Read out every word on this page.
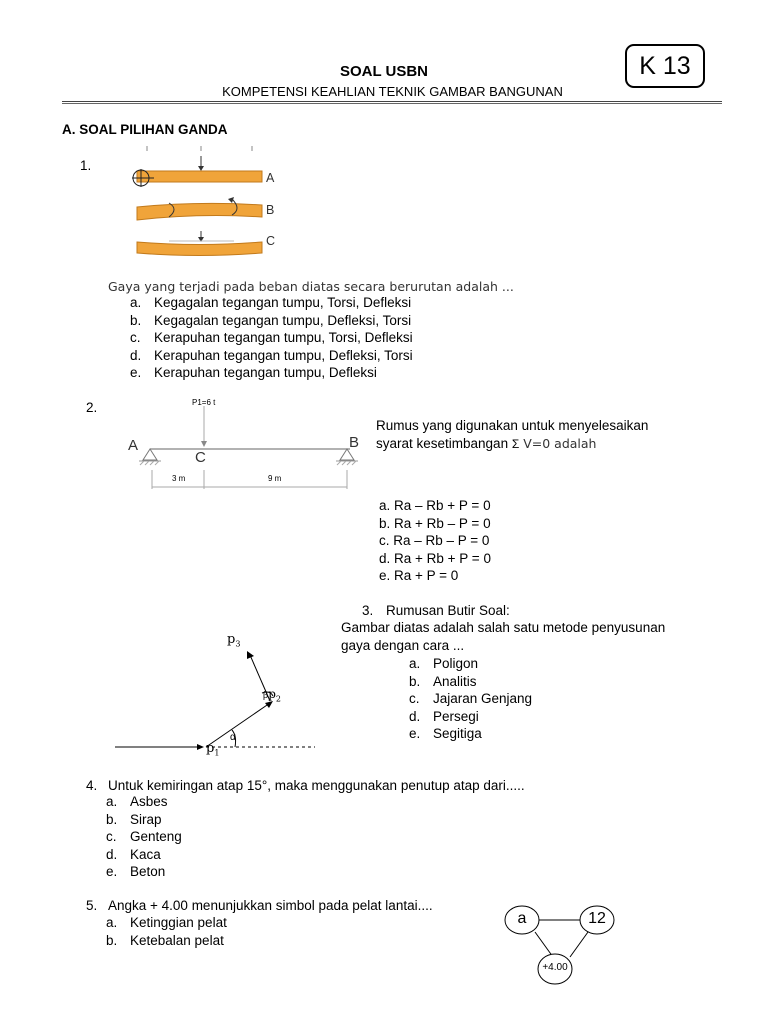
SOAL USBN	K 13
KOMPETENSI KEAHLIAN TEKNIK GAMBAR BANGUNAN
A. SOAL PILIHAN GANDA
1.
A
B
C
Gaya yang terjadi pada beban diatas secara berurutan adalah ...
a. Kegagalan tegangan tumpu, Torsi, Defleksi
b. Kegagalan tegangan tumpu, Defleksi, Torsi
c. Kerapuhan tegangan tumpu, Torsi, Defleksi
d. Kerapuhan tegangan tumpu, Defleksi, Torsi
e. Kerapuhan tegangan tumpu, Defleksi
2.	P1=6 t
A	B
C
3 m	9 m
Rumus yang digunakan untuk menyelesaikan
syarat kesetimbangan Σ V=0 adalah
a. Ra – Rb + P = 0
b. Ra + Rb – P = 0
c. Ra – Rb – P = 0
d. Ra + Rb + P = 0
e. Ra + P = 0
3. Rumusan Butir Soal:
Gambar diatas adalah salah satu metode penyusunan
gaya dengan cara ...
$p_3$
$\beta p_2$
$p_1$
α
a. Poligon
b. Analitis
c. Jajaran Genjang
d. Persegi
e. Segitiga
4. Untuk kemiringan atap 15°, maka menggunakan penutup atap dari.....
a. Asbes
b. Sirap
c. Genteng
d. Kaca
e. Beton
5. Angka + 4.00 menunjukkan simbol pada pelat lantai....
a. Ketinggian pelat
b. Ketebalan pelat
a	12
+4.00
